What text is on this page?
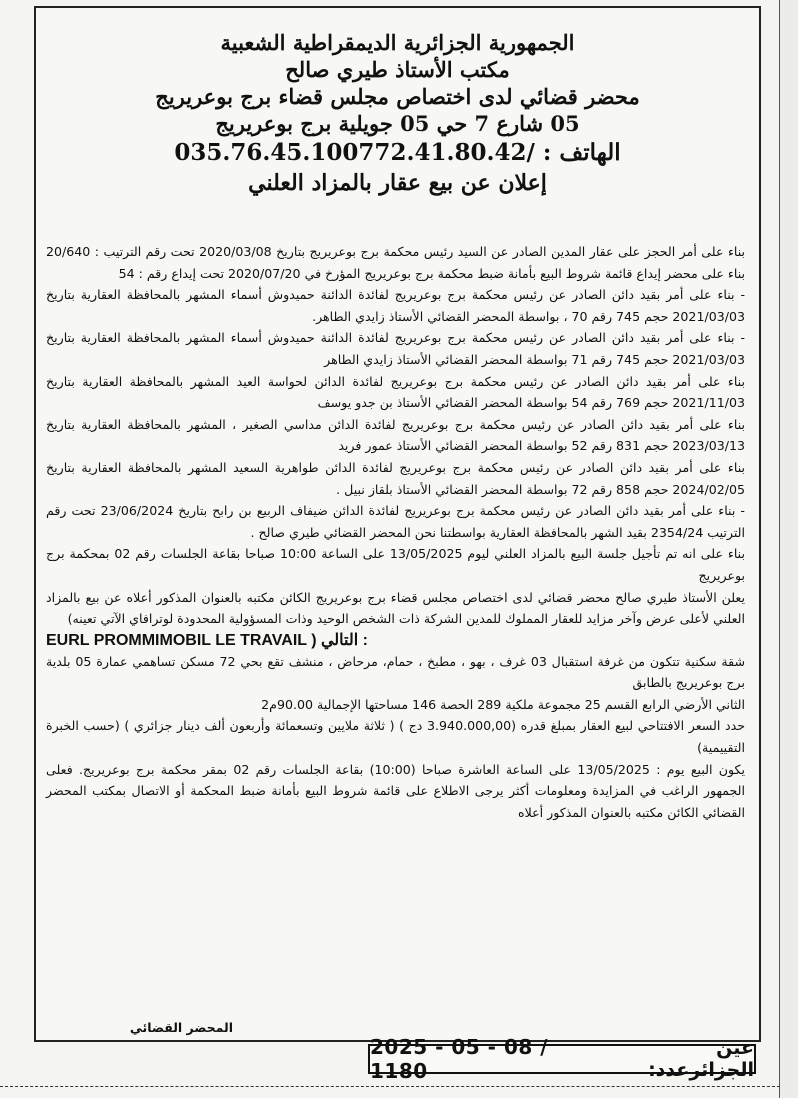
الجمهورية الجزائرية الديمقراطية الشعبية
مكتب الأستاذ طيري صالح
محضر قضائي لدى اختصاص مجلس قضاء برج بوعريريج
05 شارع 7 حي 05 جويلية برج بوعريريج
الهاتف : 035.76.45.100772.41.80.42/
إعلان عن بيع عقار بالمزاد العلني

بناء على أمر الحجز على عقار المدين الصادر عن السيد رئيس محكمة برج بوعريريج بتاريخ 2020/03/08 تحت رقم الترتيب : 20/640 بناء على محضر إيداع قائمة شروط البيع بأمانة ضبط محكمة برج بوعريريج المؤرخ في 2020/07/20 تحت إيداع رقم : 54

- بناء على أمر بقيد دائن الصادر عن رئيس محكمة برج بوعريريج لفائدة الدائنة حميدوش أسماء المشهر بالمحافظة العقارية بتاريخ 2021/03/03 حجم 745 رقم 70 ، بواسطة المحضر القضائي الأستاذ زايدي الطاهر.

- بناء على أمر بقيد دائن الصادر عن رئيس محكمة برج بوعريريج لفائدة الدائنة حميدوش أسماء المشهر بالمحافظة العقارية بتاريخ 2021/03/03 حجم 745 رقم 71 بواسطة المحضر القضائي الأستاذ زايدي الطاهر

بناء على أمر بقيد دائن الصادر عن رئيس محكمة برج بوعريريج لفائدة الدائن لحواسة العيد المشهر بالمحافظة العقارية بتاريخ 2021/11/03 حجم 769 رقم 54 بواسطة المحضر القضائي الأستاذ بن جدو يوسف

بناء على أمر بقيد دائن الصادر عن رئيس محكمة برج بوعريريج لفائدة الدائن مداسي الصغير ، المشهر بالمحافظة العقارية بتاريخ 2023/03/13 حجم 831 رقم 52 بواسطة المحضر القضائي الأستاذ عمور فريد

بناء على أمر بقيد دائن الصادر عن رئيس محكمة برج بوعريريج لفائدة الدائن طواهرية السعيد المشهر بالمحافظة العقارية بتاريخ 2024/02/05 حجم 858 رقم 72 بواسطة المحضر القضائي الأستاذ بلقاز نبيل .

- بناء على أمر بقيد دائن الصادر عن رئيس محكمة برج بوعريريج لفائدة الدائن ضيفاف الربيع بن رابح بتاريخ 23/06/2024 تحت رقم الترتيب 2354/24 بقيد الشهر بالمحافظة العقارية بواسطتنا نحن المحضر القضائي طيري صالح .

بناء على انه تم تأجيل جلسة البيع بالمزاد العلني ليوم 13/05/2025 على الساعة 10:00 صباحا بقاعة الجلسات رقم 02 بمحكمة برج بوعريريج

يعلن الأستاذ طيري صالح محضر قضائي لدى اختصاص مجلس قضاء برج بوعريريج الكائن مكتبه بالعنوان المذكور أعلاه عن بيع بالمزاد العلني لأعلى عرض وآخر مزايد للعقار المملوك للمدين الشركة ذات الشخص الوحيد وذات المسؤولية المحدودة لوترافاي الآتي تعينه)

EURL PROMMIMOBIL LE TRAVAIL ) التالي :

شقة سكنية تتكون من غرفة استقبال 03 غرف ، بهو ، مطبخ ، حمام، مرحاض ، منشف تقع بحي 72 مسكن تساهمي عمارة 05 بلدية برج بوعريريج بالطابق

الثاني الأرضي الرابع القسم 25 مجموعة ملكية 289 الحصة 146 مساحتها الإجمالية 90.00م2

حدد السعر الافتتاحي لبيع العقار بمبلغ قدره (3.940.000,00 دج ) ( ثلاثة ملايين وتسعمائة وأربعون ألف دينار جزائري ) (حسب الخبرة التقييمية)

يكون البيع يوم : 13/05/2025 على الساعة العاشرة صباحا (10:00) بقاعة الجلسات رقم 02 بمقر محكمة برج بوعريريج. فعلى الجمهور الراغب في المزايدة ومعلومات أكثر يرجى الاطلاع على قائمة شروط البيع بأمانة ضبط المحكمة أو الاتصال بمكتب المحضر القضائي الكائن مكتبه بالعنوان المذكور أعلاه

المحضر القضائي
عين الجزائرعدد:
2025 - 05 - 08 / 1180
